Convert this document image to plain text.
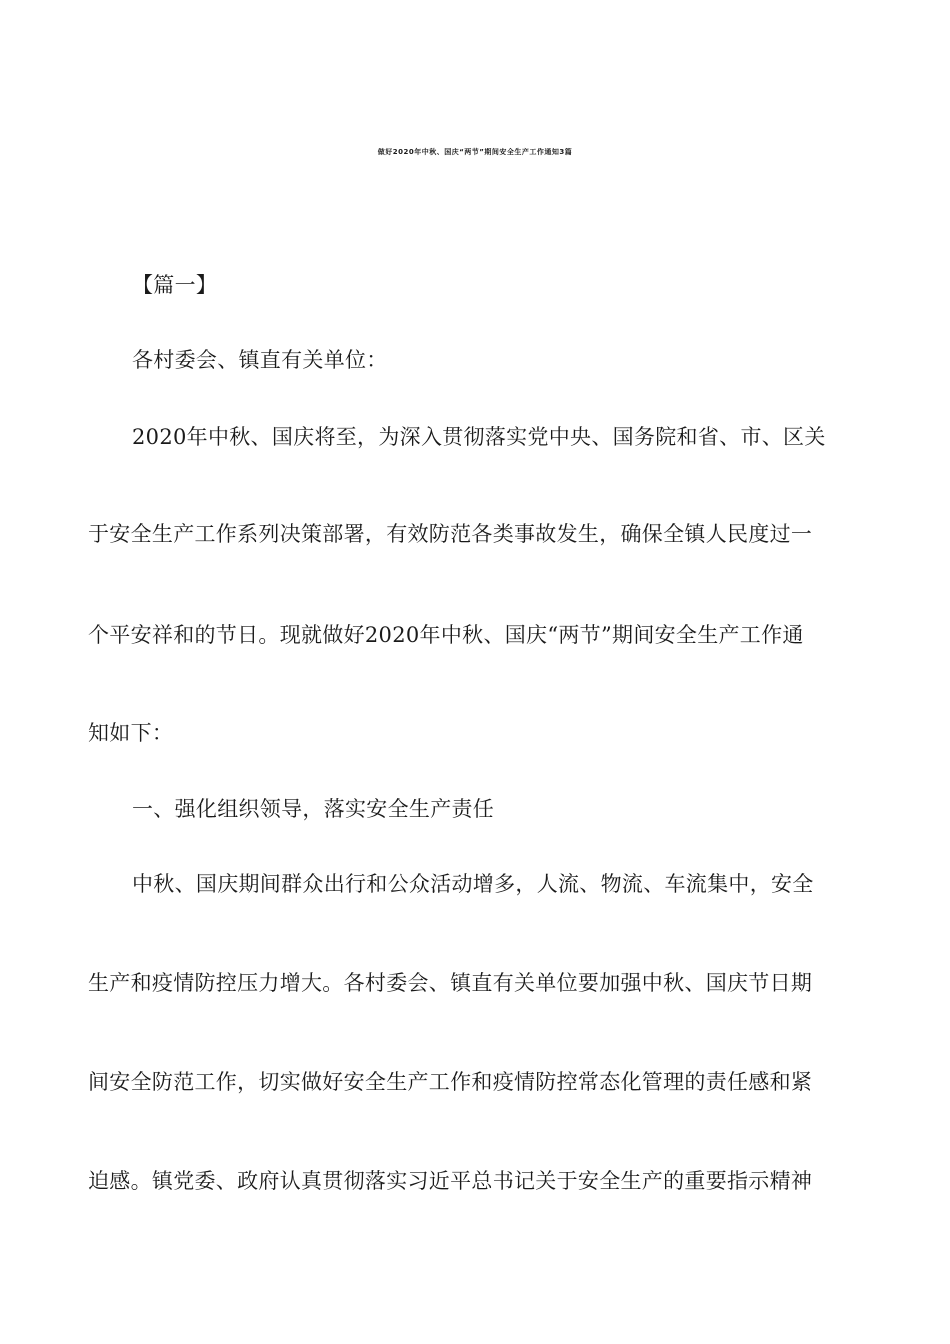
做好2020年中秋、国庆“两节”期间安全生产工作通知3篇
【篇一】
各村委会、镇直有关单位：
2020年中秋、国庆将至，为深入贯彻落实党中央、国务院和省、市、区关
于安全生产工作系列决策部署，有效防范各类事故发生，确保全镇人民度过一
个平安祥和的节日。现就做好2020年中秋、国庆“两节”期间安全生产工作通
知如下：
一、强化组织领导，落实安全生产责任
中秋、国庆期间群众出行和公众活动增多，人流、物流、车流集中，安全
生产和疫情防控压力增大。各村委会、镇直有关单位要加强中秋、国庆节日期
间安全防范工作，切实做好安全生产工作和疫情防控常态化管理的责任感和紧
迫感。镇党委、政府认真贯彻落实习近平总书记关于安全生产的重要指示精神
